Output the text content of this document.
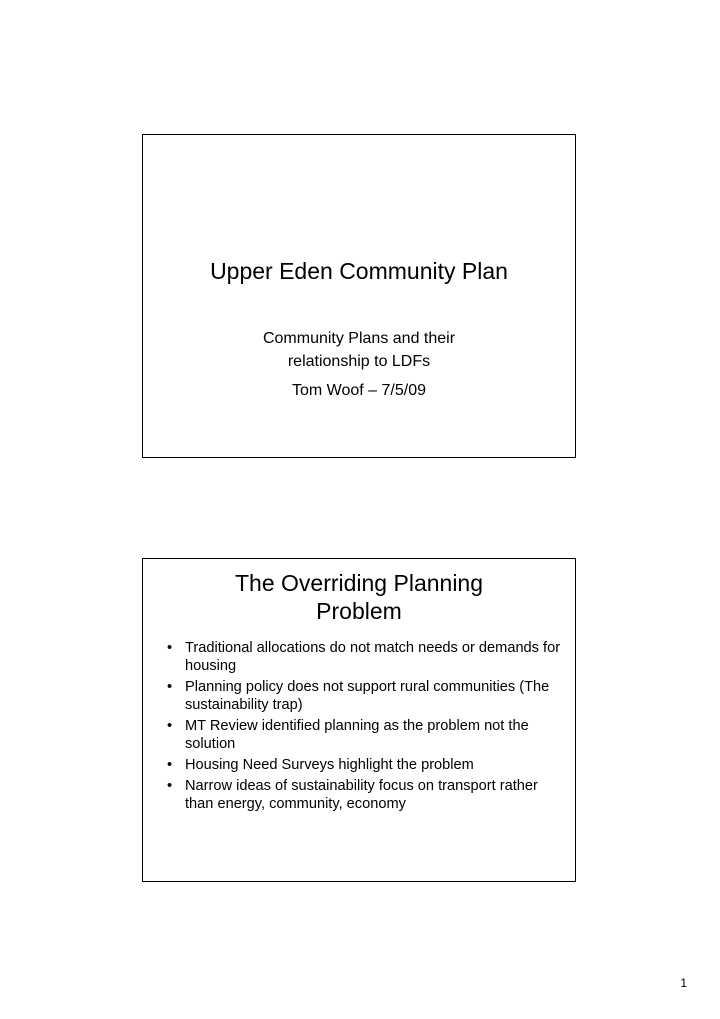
Upper Eden Community Plan
Community Plans and their
relationship to LDFs
Tom Woof – 7/5/09
The Overriding Planning
Problem
• Traditional allocations do not match needs or demands for housing
• Planning policy does not support rural communities (The sustainability trap)
• MT Review identified planning as the problem not the solution
• Housing Need Surveys highlight the problem
• Narrow ideas of sustainability focus on transport rather than energy, community, economy
1
